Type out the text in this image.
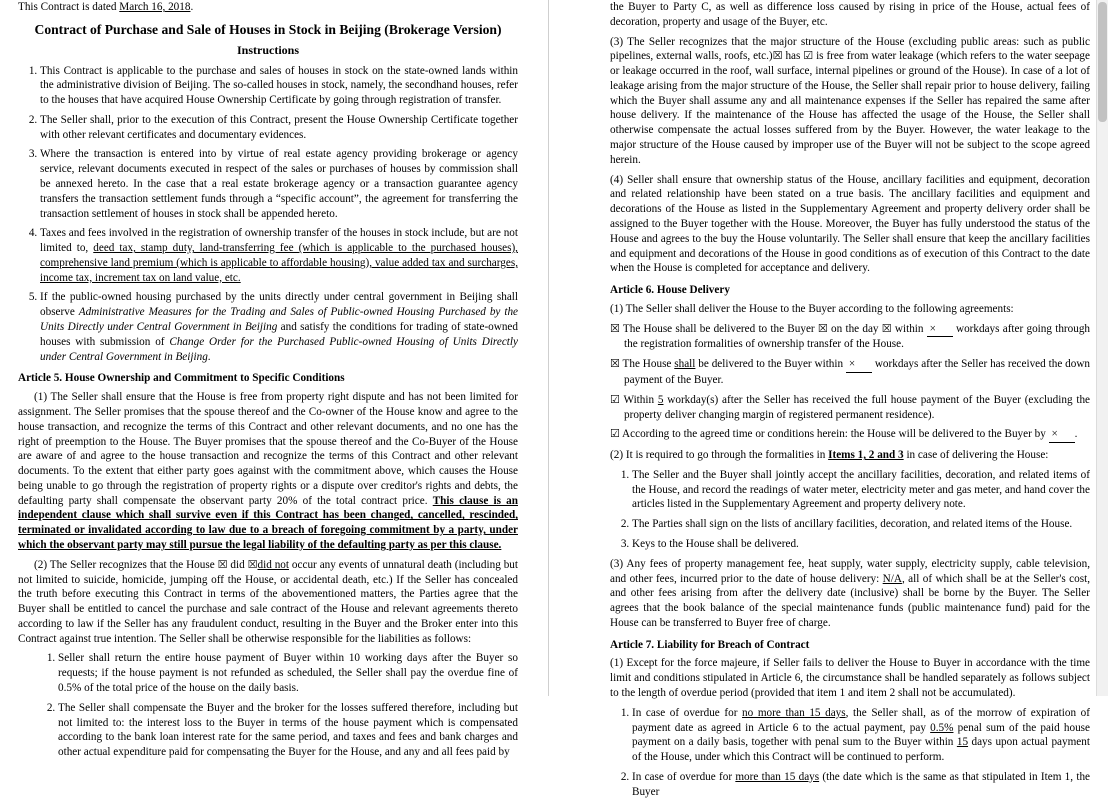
This Contract is dated March 16, 2018.

Contract of Purchase and Sale of Houses in Stock in Beijing (Brokerage Version)
Instructions
1. This Contract is applicable to the purchase and sales of houses in stock on the state-owned lands within the administrative division of Beijing. The so-called houses in stock, namely, the secondhand houses, refer to the houses that have acquired House Ownership Certificate by going through registration of transfer.
2. The Seller shall, prior to the execution of this Contract, present the House Ownership Certificate together with other relevant certificates and documentary evidences.
3. Where the transaction is entered into by virtue of real estate agency providing brokerage or agency service, relevant documents executed in respect of the sales or purchases of houses by commission shall be annexed hereto. In the case that a real estate brokerage agency or a transaction guarantee agency transfers the transaction settlement funds through a “specific account”, the agreement for transferring the transaction settlement of houses in stock shall be appended hereto.
4. Taxes and fees involved in the registration of ownership transfer of the houses in stock include, but are not limited to, deed tax, stamp duty, land-transferring fee (which is applicable to the purchased houses), comprehensive land premium (which is applicable to affordable housing), value added tax and surcharges, income tax, increment tax on land value, etc.
5. If the public-owned housing purchased by the units directly under central government in Beijing shall observe Administrative Measures for the Trading and Sales of Public-owned Housing Purchased by the Units Directly under Central Government in Beijing and satisfy the conditions for trading of state-owned houses with submission of Change Order for the Purchased Public-owned Housing of Units Directly under Central Government in Beijing.
Article 5. House Ownership and Commitment to Specific Conditions

(1) The Seller shall ensure that the House is free from property right dispute and has not been limited for assignment. The Seller promises that the spouse thereof and the Co-owner of the House know and agree to the house transaction, and recognize the terms of this Contract and other relevant documents, and no one has the right of preemption to the House. The Buyer promises that the spouse thereof and the Co-Buyer of the House are aware of and agree to the house transaction and recognize the terms of this Contract and other relevant documents. To the extent that either party goes against with the commitment above, which causes the House being unable to go through the registration of property rights or a dispute over creditor's rights and debts, the defaulting party shall compensate the observant party 20% of the total contract price. This clause is an independent clause which shall survive even if this Contract has been changed, cancelled, rescinded, terminated or invalidated according to law due to a breach of foregoing commitment by a party, under which the observant party may still pursue the legal liability of the defaulting party as per this clause.

(2) The Seller recognizes that the House ☒ did ☒did not occur any events of unnatural death (including but not limited to suicide, homicide, jumping off the House, or accidental death, etc.) If the Seller has concealed the truth before executing this Contract in terms of the abovementioned matters, the Parties agree that the Buyer shall be entitled to cancel the purchase and sale contract of the House and relevant agreements thereto according to law if the Seller has any fraudulent conduct, resulting in the Buyer and the Broker enter into this Contract against true intention. The Seller shall be otherwise responsible for the liabilities as follows:

1. Seller shall return the entire house payment of Buyer within 10 working days after the Buyer so requests; if the house payment is not refunded as scheduled, the Seller shall pay the overdue fine of 0.5% of the total price of the house on the daily basis.
2. The Seller shall compensate the Buyer and the broker for the losses suffered therefore, including but not limited to: the interest loss to the Buyer in terms of the house payment which is compensated according to the bank loan interest rate for the same period, and taxes and fees and bank charges and other actual expenditure paid for compensating the Buyer for the House, and any and all fees paid by

the Buyer to Party C, as well as difference loss caused by rising in price of the House, actual fees of decoration, property and usage of the Buyer, etc.

(3) The Seller recognizes that the major structure of the House (excluding public areas: such as public pipelines, external walls, roofs, etc.)☒ has ☑ is free from water leakage (which refers to the water seepage or leakage occurred in the roof, wall surface, internal pipelines or ground of the House). In case of a lot of leakage arising from the major structure of the House, the Seller shall repair prior to house delivery, failing which the Buyer shall assume any and all maintenance expenses if the Seller has repaired the same after house delivery. If the maintenance of the House has affected the usage of the House, the Seller shall otherwise compensate the actual losses suffered from by the Buyer. However, the water leakage to the major structure of the House caused by improper use of the Buyer will not be subject to the scope agreed herein.

(4) Seller shall ensure that ownership status of the House, ancillary facilities and equipment, decoration and related relationship have been stated on a true basis. The ancillary facilities and equipment and decorations of the House as listed in the Supplementary Agreement and property delivery order shall be assigned to the Buyer together with the House. Moreover, the Buyer has fully understood the status of the House and agrees to the buy the House voluntarily. The Seller shall ensure that keep the ancillary facilities and equipment and decorations of the House in good conditions as of execution of this Contract to the date when the House is completed for acceptance and delivery.

Article 6. House Delivery

(1) The Seller shall deliver the House to the Buyer according to the following agreements:

☒ The House shall be delivered to the Buyer ☒ on the day ☒ within × workdays after going through the registration formalities of ownership transfer of the House.

☒ The House shall be delivered to the Buyer within × workdays after the Seller has received the down payment of the Buyer.

☑ Within 5 workday(s) after the Seller has received the full house payment of the Buyer (excluding the property deliver changing margin of registered permanent residence).

☑ According to the agreed time or conditions herein: the House will be delivered to the Buyer by × .

(2) It is required to go through the formalities in Items 1, 2 and 3 in case of delivering the House:

1. The Seller and the Buyer shall jointly accept the ancillary facilities, decoration, and related items of the House, and record the readings of water meter, electricity meter and gas meter, and hand cover the articles listed in the Supplementary Agreement and property delivery note.
2. The Parties shall sign on the lists of ancillary facilities, decoration, and related items of the House.
3. Keys to the House shall be delivered.

(3) Any fees of property management fee, heat supply, water supply, electricity supply, cable television, and other fees, incurred prior to the date of house delivery: N/A, all of which shall be at the Seller's cost, and other fees arising from after the delivery date (inclusive) shall be borne by the Buyer. The Seller agrees that the book balance of the special maintenance funds (public maintenance fund) paid for the House can be transferred to Buyer free of charge.

Article 7. Liability for Breach of Contract

(1) Except for the force majeure, if Seller fails to deliver the House to Buyer in accordance with the time limit and conditions stipulated in Article 6, the circumstance shall be handled separately as follows subject to the length of overdue period (provided that item 1 and item 2 shall not be accumulated).

1. In case of overdue for no more than 15 days, the Seller shall, as of the morrow of expiration of payment date as agreed in Article 6 to the actual payment, pay 0.5% penal sum of the paid house payment on a daily basis, together with penal sum to the Buyer within 15 days upon actual payment of the House, under which this Contract will be continued to perform.
2. In case of overdue for more than 15 days (the date which is the same as that stipulated in Item 1, the Buyer
